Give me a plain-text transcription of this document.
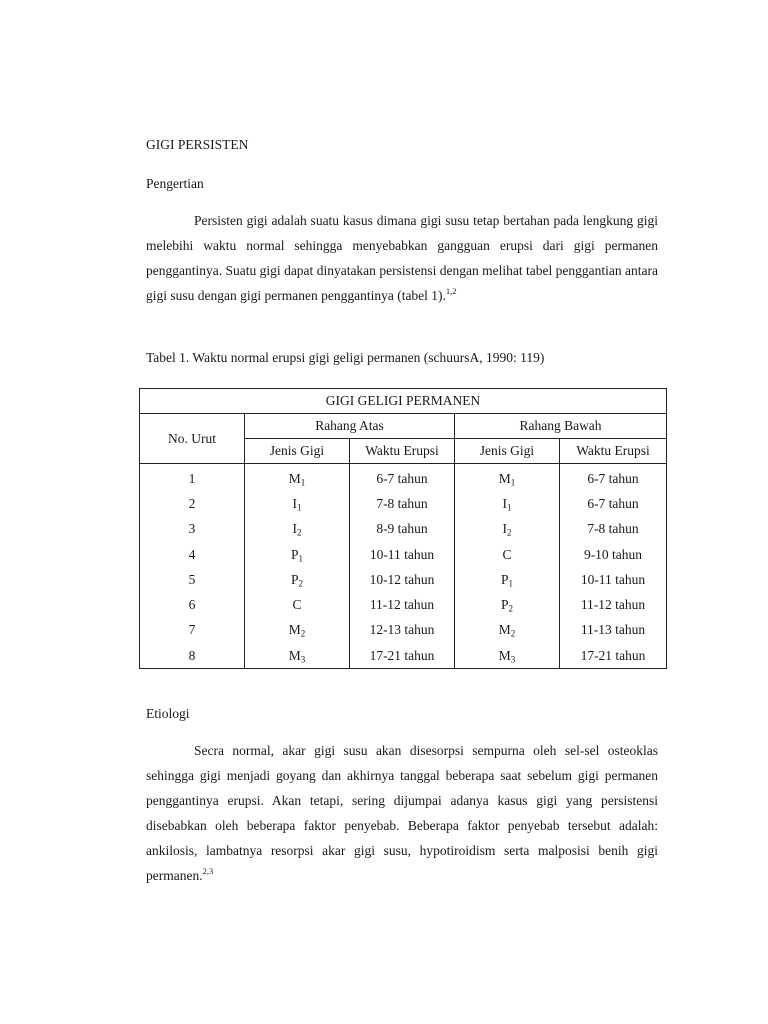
GIGI PERSISTEN
Pengertian

Persisten gigi adalah suatu kasus dimana gigi susu tetap bertahan pada lengkung gigi melebihi waktu normal sehingga menyebabkan gangguan erupsi dari gigi permanen penggantinya. Suatu gigi dapat dinyatakan persistensi dengan melihat tabel penggantian antara gigi susu dengan gigi permanen penggantinya (tabel 1).$^{1,2}$

Tabel 1. Waktu normal erupsi gigi geligi permanen (schuursA, 1990: 119)
GIGI GELIGI PERMANEN				
No. Urut	Rahang Atas		Rahang Bawah	
	Jenis Gigi	Waktu Erupsi	Jenis Gigi	Waktu Erupsi
1	$M_1$	6-7 tahun	$M_1$	6-7 tahun
2	$I_1$	7-8 tahun	$I_1$	6-7 tahun
3	$I_2$	8-9 tahun	$I_2$	7-8 tahun
4	$P_1$	10-11 tahun	C	9-10 tahun
5	$P_2$	10-12 tahun	$P_1$	10-11 tahun
6	C	11-12 tahun	$P_2$	11-12 tahun
7	$M_2$	12-13 tahun	$M_2$	11-13 tahun
8	$M_3$	17-21 tahun	$M_3$	17-21 tahun
Etiologi

Secra normal, akar gigi susu akan disesorpsi sempurna oleh sel-sel osteoklas sehingga gigi menjadi goyang dan akhirnya tanggal beberapa saat sebelum gigi permanen penggantinya erupsi. Akan tetapi, sering dijumpai adanya kasus gigi yang persistensi disebabkan oleh beberapa faktor penyebab. Beberapa faktor penyebab tersebut adalah: ankilosis, lambatnya resorpsi akar gigi susu, hypotiroidism serta malposisi benih gigi permanen.$^{2,3}$
